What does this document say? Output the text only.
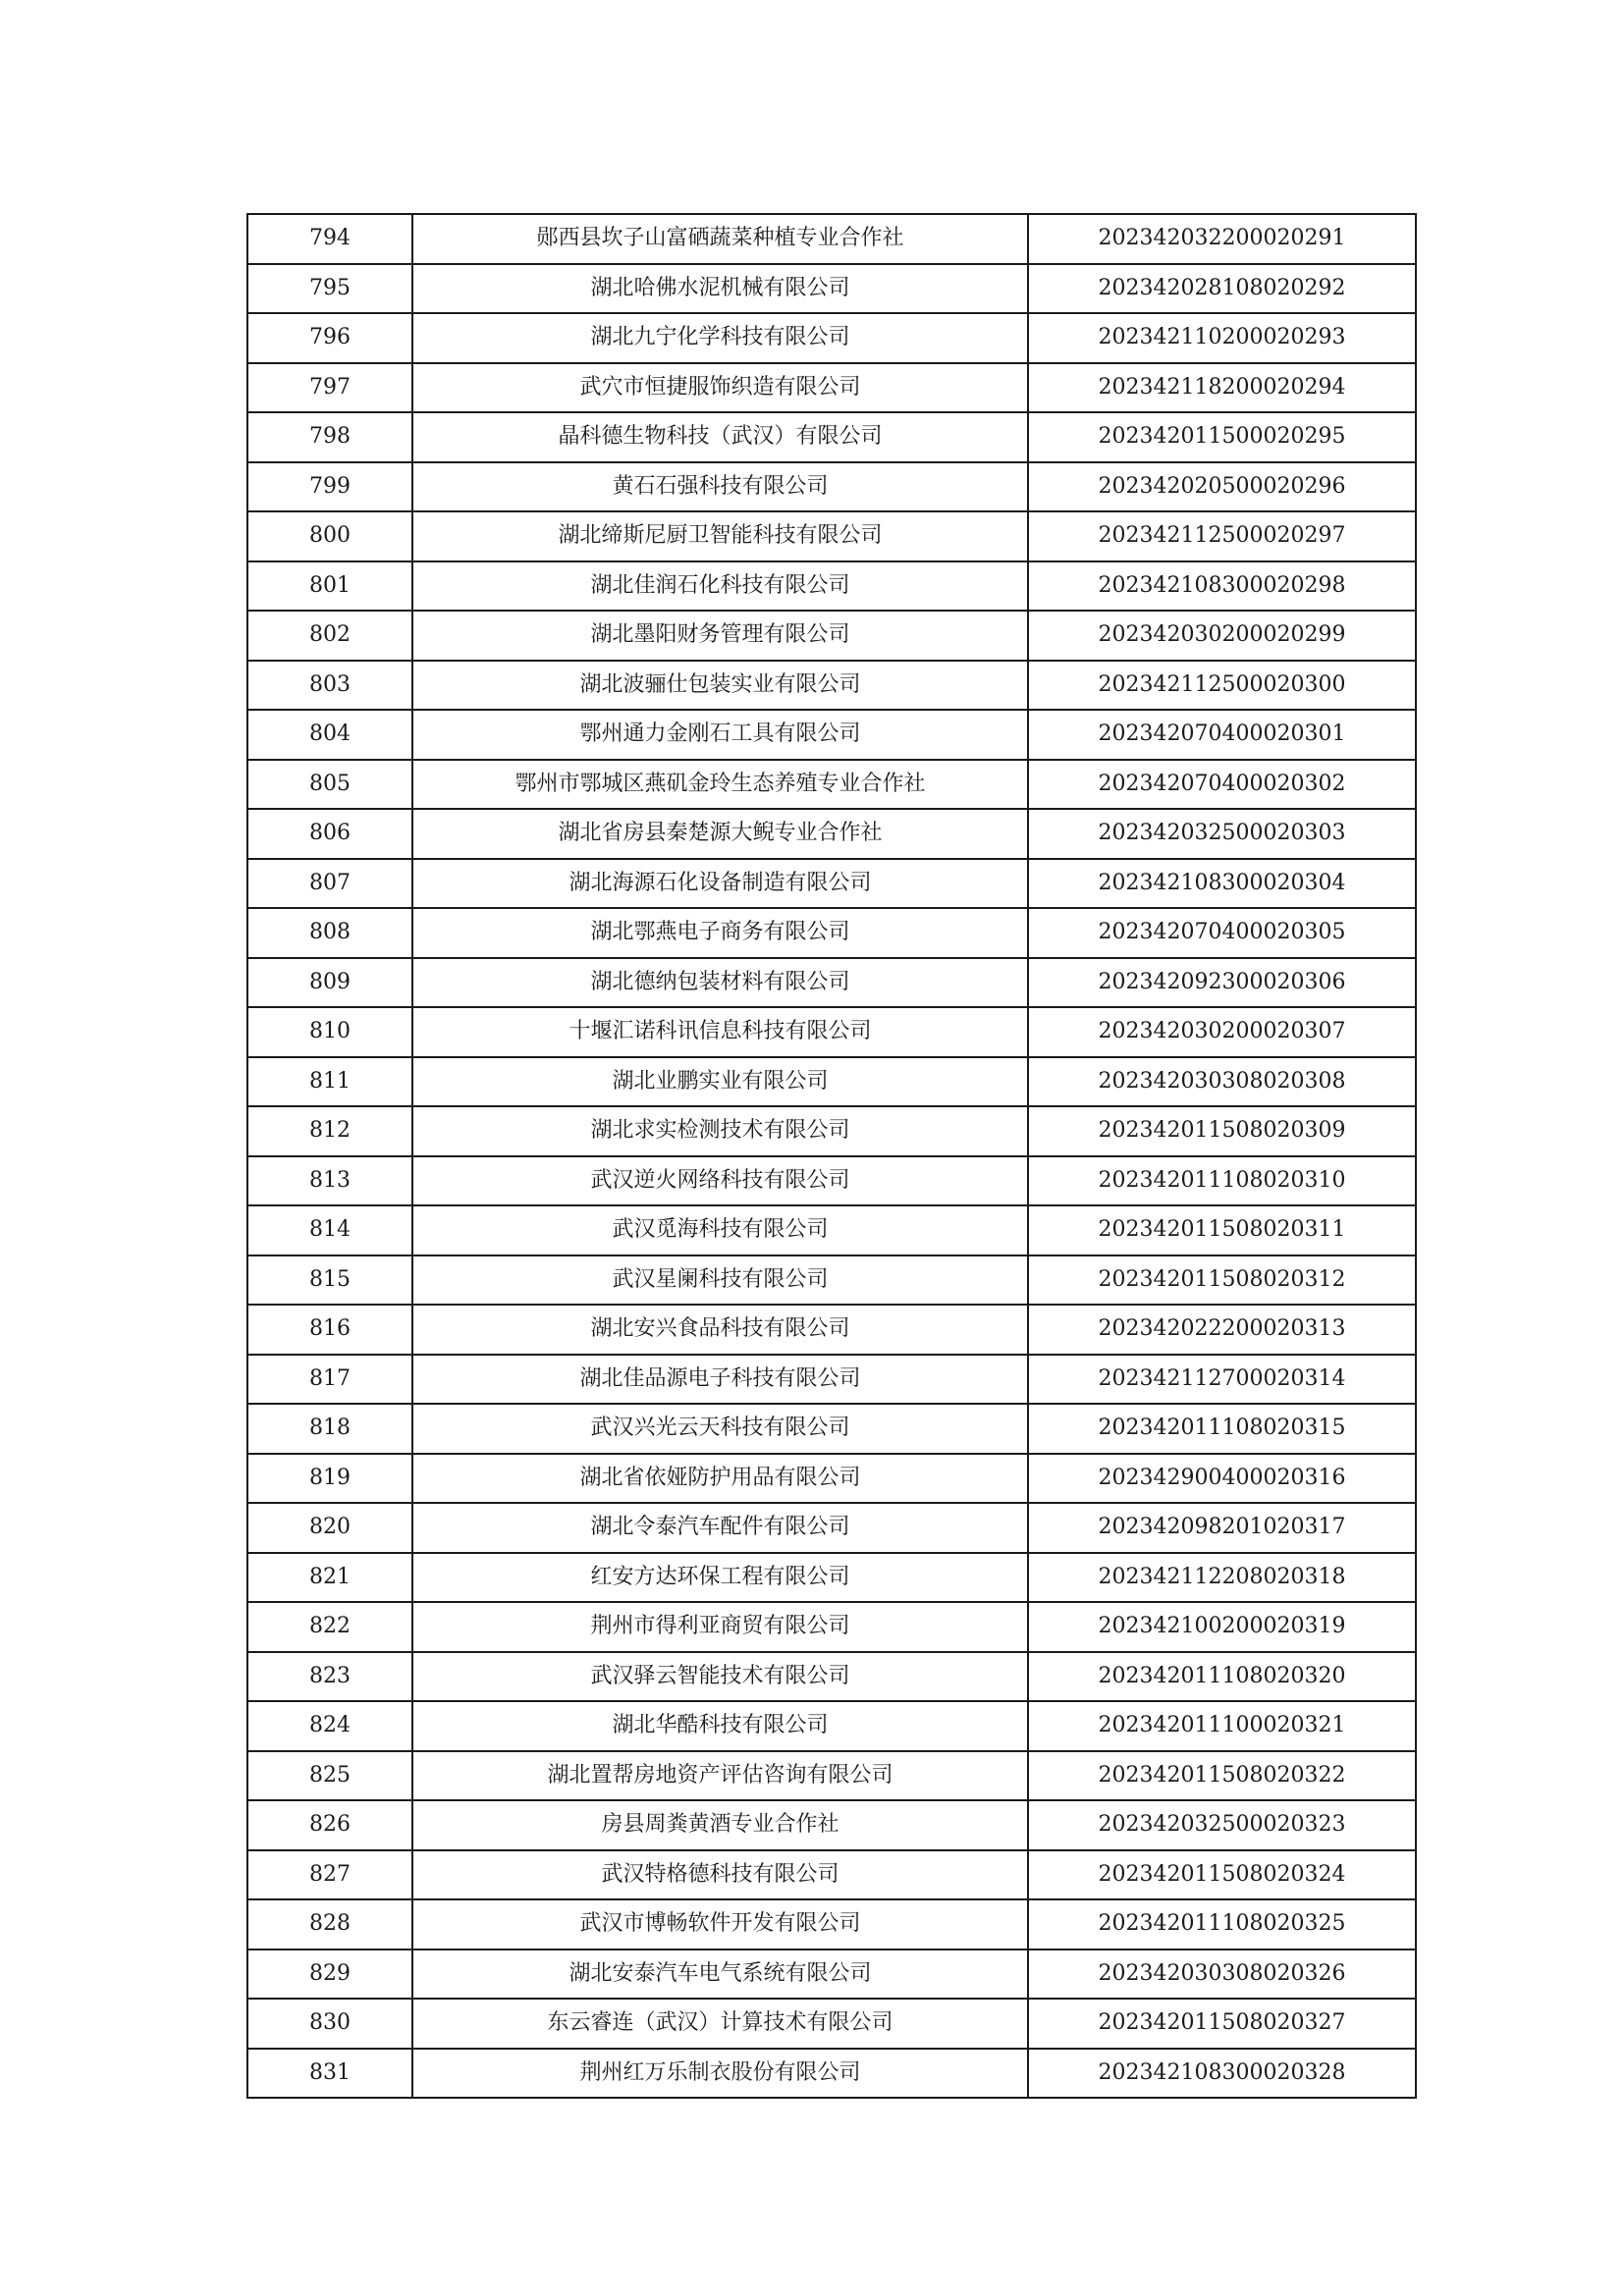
794	郧西县坎子山富硒蔬菜种植专业合作社	202342032200020291
795	湖北哈佛水泥机械有限公司	202342028108020292
796	湖北九宁化学科技有限公司	202342110200020293
797	武穴市恒捷服饰织造有限公司	202342118200020294
798	晶科德生物科技（武汉）有限公司	202342011500020295
799	黄石石强科技有限公司	202342020500020296
800	湖北缔斯尼厨卫智能科技有限公司	202342112500020297
801	湖北佳润石化科技有限公司	202342108300020298
802	湖北墨阳财务管理有限公司	202342030200020299
803	湖北波骊仕包装实业有限公司	202342112500020300
804	鄂州通力金刚石工具有限公司	202342070400020301
805	鄂州市鄂城区燕矶金玲生态养殖专业合作社	202342070400020302
806	湖北省房县秦楚源大鲵专业合作社	202342032500020303
807	湖北海源石化设备制造有限公司	202342108300020304
808	湖北鄂燕电子商务有限公司	202342070400020305
809	湖北德纳包装材料有限公司	202342092300020306
810	十堰汇诺科讯信息科技有限公司	202342030200020307
811	湖北业鹏实业有限公司	202342030308020308
812	湖北求实检测技术有限公司	202342011508020309
813	武汉逆火网络科技有限公司	202342011108020310
814	武汉觅海科技有限公司	202342011508020311
815	武汉星阑科技有限公司	202342011508020312
816	湖北安兴食品科技有限公司	202342022200020313
817	湖北佳品源电子科技有限公司	202342112700020314
818	武汉兴光云天科技有限公司	202342011108020315
819	湖北省依娅防护用品有限公司	202342900400020316
820	湖北令泰汽车配件有限公司	202342098201020317
821	红安方达环保工程有限公司	202342112208020318
822	荆州市得利亚商贸有限公司	202342100200020319
823	武汉驿云智能技术有限公司	202342011108020320
824	湖北华酷科技有限公司	202342011100020321
825	湖北置帮房地资产评估咨询有限公司	202342011508020322
826	房县周粪黄酒专业合作社	202342032500020323
827	武汉特格德科技有限公司	202342011508020324
828	武汉市博畅软件开发有限公司	202342011108020325
829	湖北安泰汽车电气系统有限公司	202342030308020326
830	东云睿连（武汉）计算技术有限公司	202342011508020327
831	荆州红万乐制衣股份有限公司	202342108300020328
